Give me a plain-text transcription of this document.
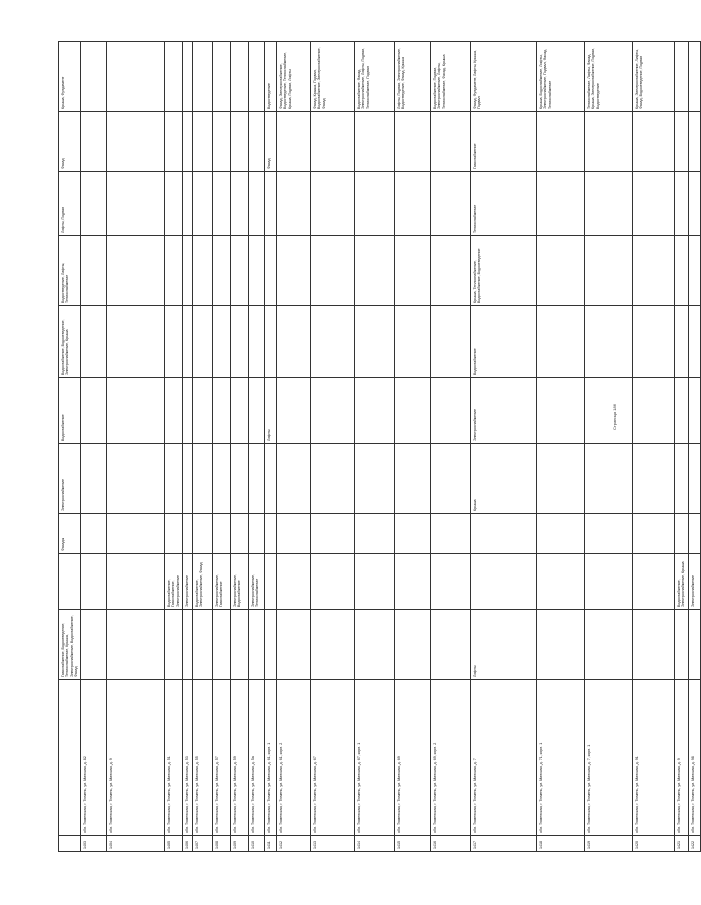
		Газоснабжение, Водоотведение, Теплоснабжение, Крыша, Электроснабжение, Водоснабжение, Фасад		Фасады	Электроснабжение	Водоснабжение	Водоснабжение, Водоотведение, Электроснабжение, Крыша	Водоотведение, Лифты, Теплоснабжение	Лифты, Подвал	Фасад	Крыша, Фундамент
1403	обл. Тюменская, г. Тюмень, ул. Минская, д. 82										
1404	обл. Тюменская, г. Тюмень, ул. Минская, д. 9										
1405	обл. Тюменская, г. Тюмень, ул. Минская, д. 51		Водоснабжение, Газоснабжение, Электроснабжение								
1406	обл. Тюменская, г. Тюмень, ул. Минская, д. 53		Электроснабжение								
1407	обл. Тюменская, г. Тюмень, ул. Минская, д. 55		Водоснабжение, Электроснабжение, Фасад								
1408	обл. Тюменская, г. Тюмень, ул. Минская, д. 57		Электроснабжение, Газоснабжение								
1409	обл. Тюменская, г. Тюмень, ул. Минская, д. 59		Электроснабжение, Водоснабжение								
1410	обл. Тюменская, г. Тюмень, ул. Минская, д. 5а		Электроснабжение, Теплоснабжение								
1411	обл. Тюменская, г. Тюмень, ул. Минская, д. 61, корп. 1					Лифты				Фасад	Водоотведение
1412	обл. Тюменская, г. Тюмень, ул. Минская, д. 61, корп. 2										Фасад, Электроснабжение, Водоотведение, Теплоснабжение, Крыша, Подвал, Лифты
1413	обл. Тюменская, г. Тюмень, ул. Минская, д. 67										Фасад, Крыша, Подвал, Водоснабжение, Электроснабжение, Фасад
1414	обл. Тюменская, г. Тюмень, ул. Минская, д. 67, корп. 1										Водоснабжение, Фасад, Электроснабжение, Лифты, Подвал, Теплоснабжение, Подвал
1415	обл. Тюменская, г. Тюмень, ул. Минская, д. 69										Лифты, Подвал, Электроснабжение, Водоотведение, Фасад, Крыша
1416	обл. Тюменская, г. Тюмень, ул. Минская, д. 69, корп. 2										Водоснабжение, Подвал, Электроснабжение, Лифты, Теплоснабжение, Фасад, Крыша
1417	обл. Тюменская, г. Тюмень, ул. Минская, д. 7	Лифты			Крыша	Электроснабжение	Водоснабжение	Крыша, Теплоснабжение, Водоснабжение, Водоотведение	Теплоснабжение	Газоснабжение	Фасад, Фундамент, Лифты, Крыша, Подвал
1418	обл. Тюменская, г. Тюмень, ул. Минская, д. 71, корп. 1										Крыша, Водоснабжение, Лифты, Электроснабжение, Подвал, Фасад, Теплоснабжение
1419	обл. Тюменская, г. Тюмень, ул. Минская, д. 7, корп. 1										Теплоснабжение, Лифты, Фасад, Крыша, Электроснабжение, Подвал, Водоотведение
1420	обл. Тюменская, г. Тюмень, ул. Минская, д. 91										Крыша, Электроснабжение, Лифты, Фасад, Водоотведение, Подвал
1421	обл. Тюменская, г. Тюмень, ул. Минская, д. 9		Водоснабжение, Электроснабжение, Крыша								
1422	обл. Тюменская, г. Тюмень, ул. Минская, д. 98		Электроснабжение								
Страница 186
